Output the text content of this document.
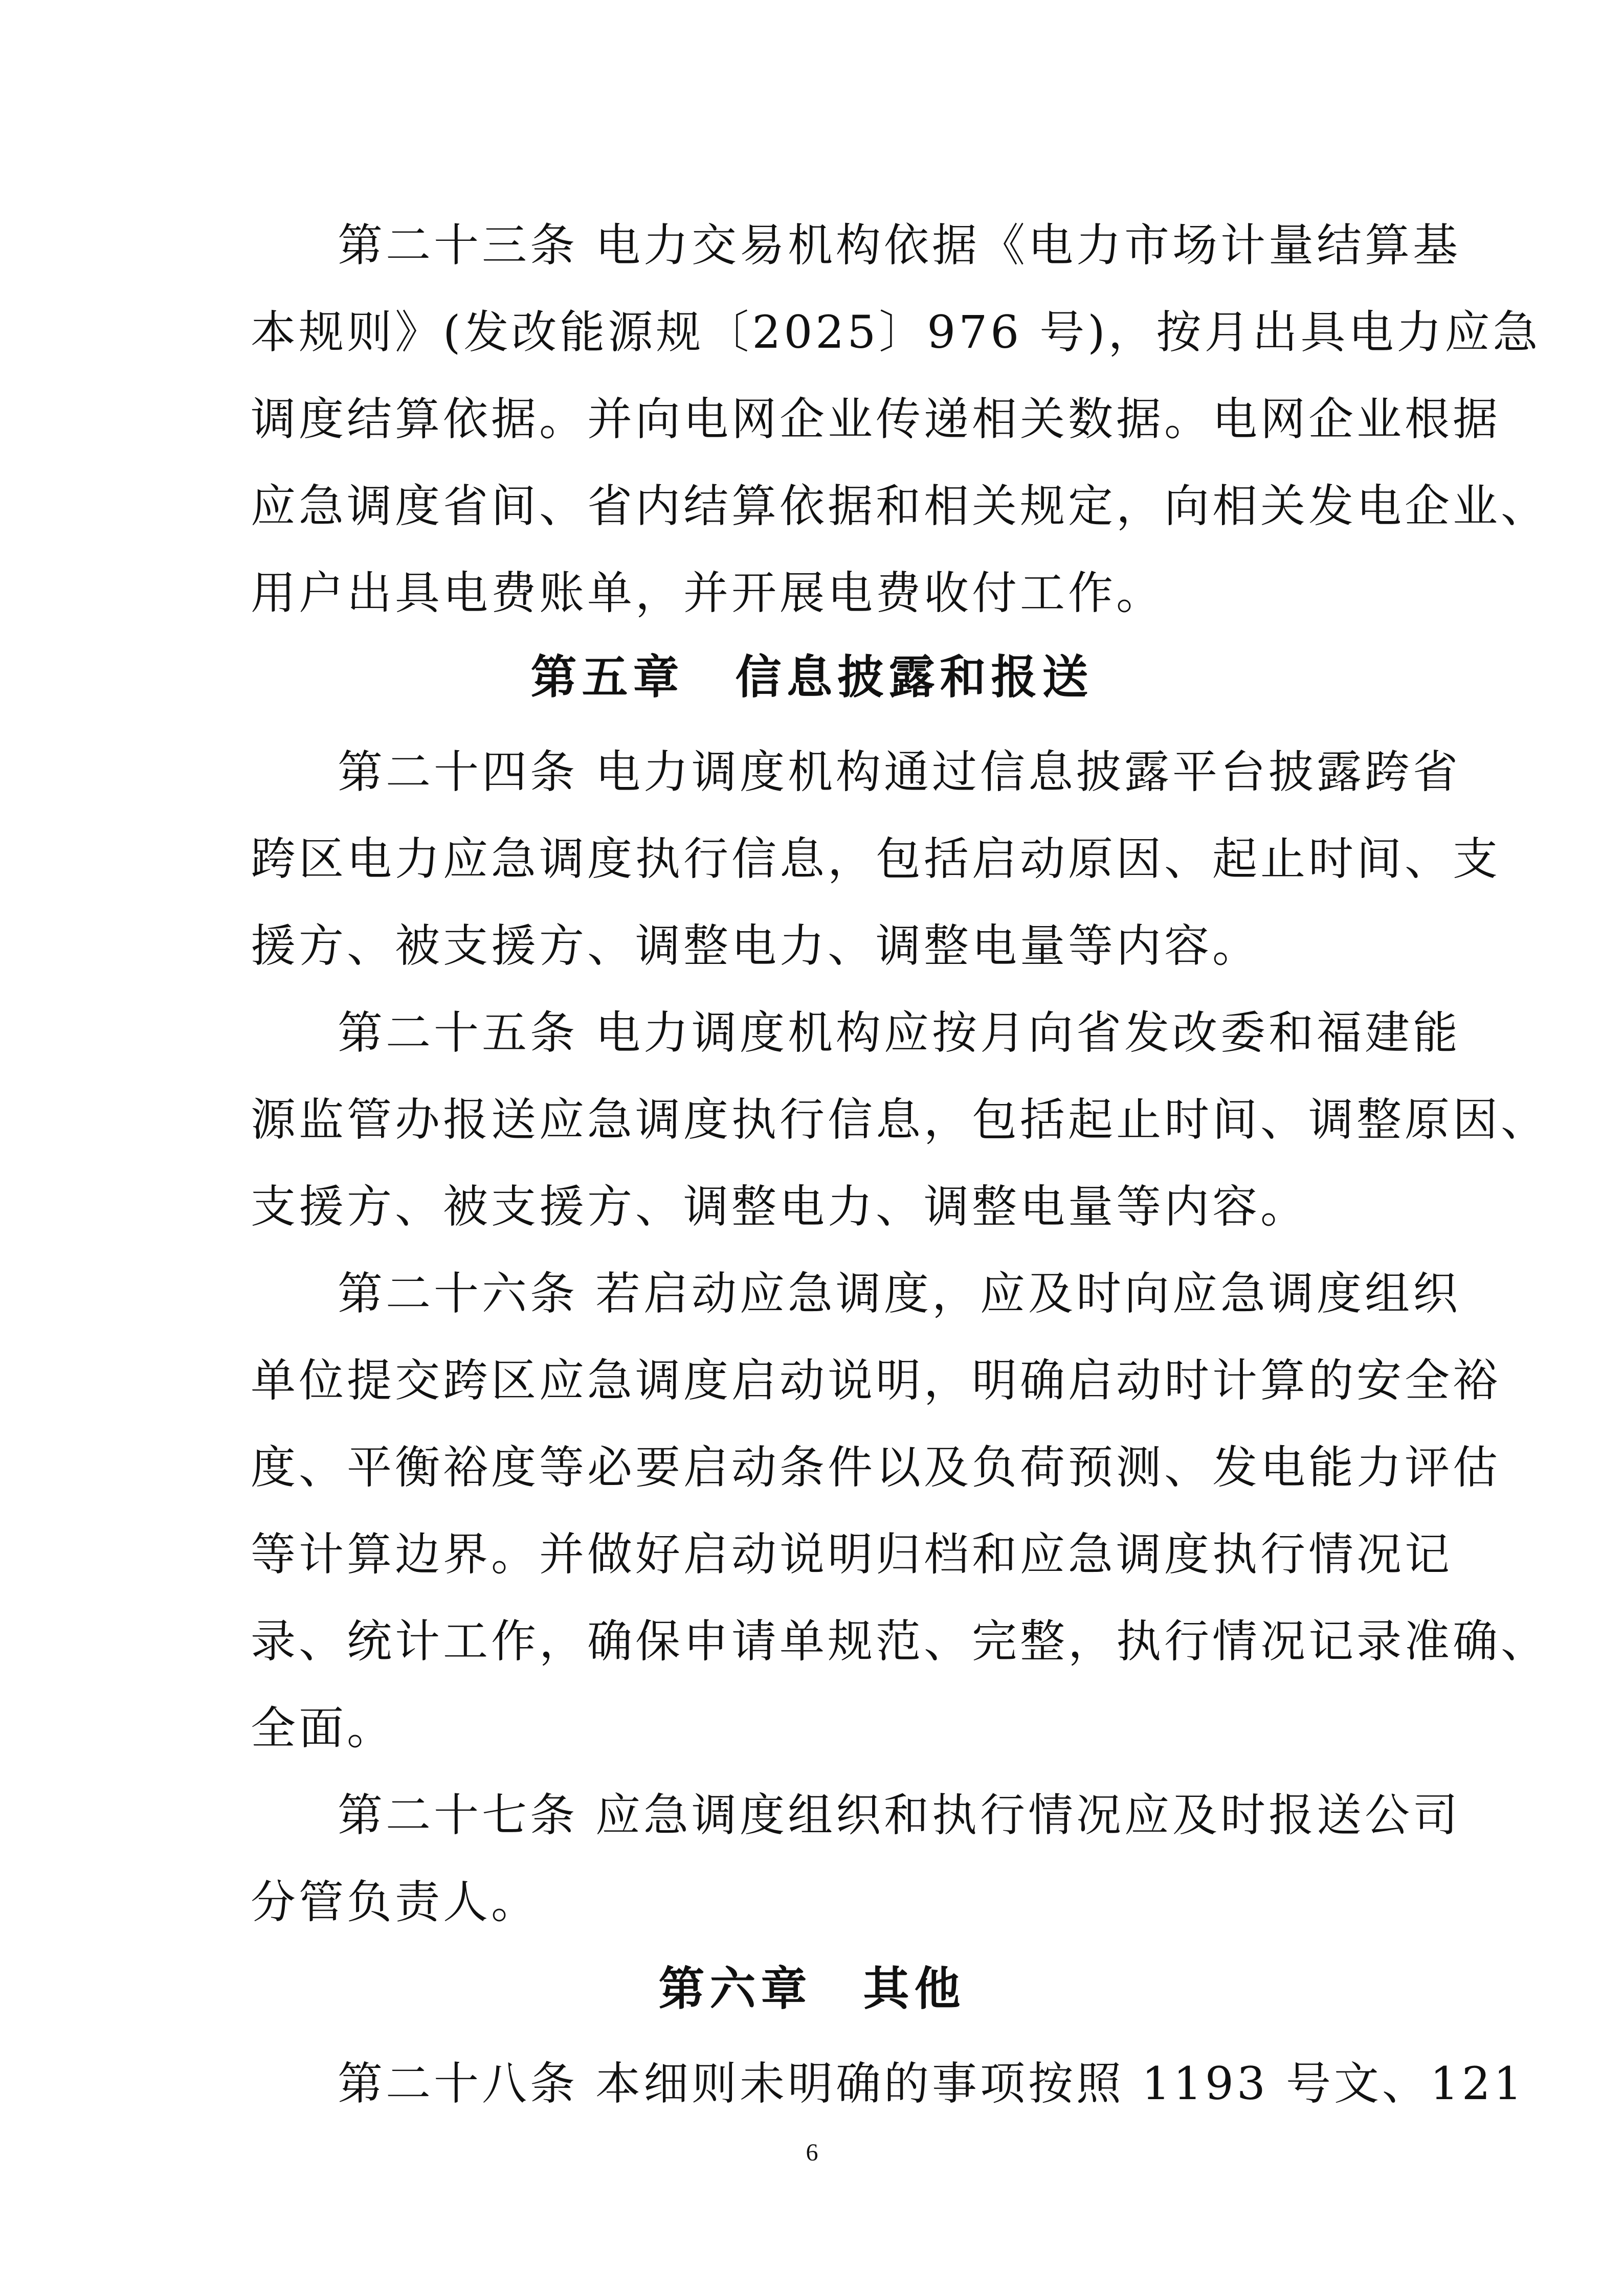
第二十三条 电力交易机构依据《电力市场计量结算基
本规则》(发改能源规〔2025〕976 号)，按月出具电力应急
调度结算依据。并向电网企业传递相关数据。电网企业根据
应急调度省间、省内结算依据和相关规定，向相关发电企业、
用户出具电费账单，并开展电费收付工作。
第五章　信息披露和报送
第二十四条 电力调度机构通过信息披露平台披露跨省
跨区电力应急调度执行信息，包括启动原因、起止时间、支
援方、被支援方、调整电力、调整电量等内容。
第二十五条 电力调度机构应按月向省发改委和福建能
源监管办报送应急调度执行信息，包括起止时间、调整原因、
支援方、被支援方、调整电力、调整电量等内容。
第二十六条 若启动应急调度，应及时向应急调度组织
单位提交跨区应急调度启动说明，明确启动时计算的安全裕
度、平衡裕度等必要启动条件以及负荷预测、发电能力评估
等计算边界。并做好启动说明归档和应急调度执行情况记
录、统计工作，确保申请单规范、完整，执行情况记录准确、
全面。
第二十七条 应急调度组织和执行情况应及时报送公司
分管负责人。
第六章　其他
第二十八条 本细则未明确的事项按照 1193 号文、121
6
